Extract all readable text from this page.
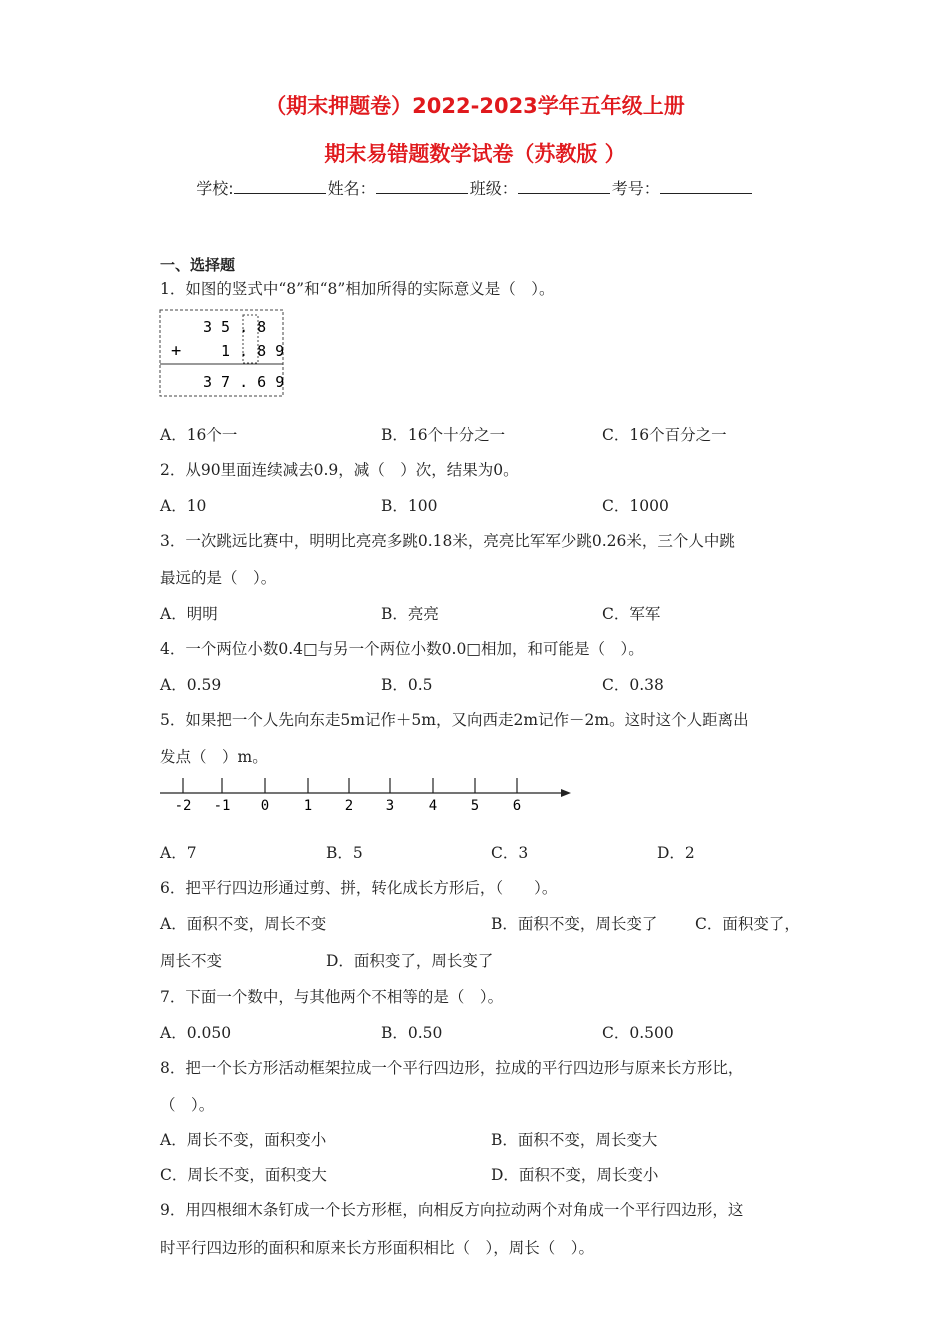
（期末押题卷）2022-2023学年五年级上册
期末易错题数学试卷（苏教版 ）
学校:	姓名：	班级：	考号：
一、选择题
1．如图的竖式中“8”和“8”相加所得的实际意义是（　）。
3 5 . 8
+	1 . 8 9
3 7 . 6 9
A．16个一	B．16个十分之一	C．16个百分之一
2．从90里面连续减去0.9，减（　）次，结果为0。
A．10	B．100	C．1000
3．一次跳远比赛中，明明比亮亮多跳0.18米，亮亮比军军少跳0.26米，三个人中跳
最远的是（　）。
A．明明	B．亮亮	C．军军
4．一个两位小数0.4□与另一个两位小数0.0□相加，和可能是（　）。
A．0.59	B．0.5	C．0.38
5．如果把一个人先向东走5m记作＋5m，又向西走2m记作－2m。这时这个人距离出
发点（　）m。
-2 -1 0 1 2 3 4 5 6
A．7	B．5	C．3	D．2
6．把平行四边形通过剪、拼，转化成长方形后，（　　）。
A．面积不变，周长不变	B．面积不变，周长变了 C．面积变了，
周长不变	D．面积变了，周长变了
7．下面一个数中，与其他两个不相等的是（　）。
A．0.050	B．0.50	C．0.500
8．把一个长方形活动框架拉成一个平行四边形，拉成的平行四边形与原来长方形比，
（　）。
A．周长不变，面积变小	B．面积不变，周长变大
C．周长不变，面积变大	D．面积不变，周长变小
9．用四根细木条钉成一个长方形框，向相反方向拉动两个对角成一个平行四边形，这
时平行四边形的面积和原来长方形面积相比（　），周长（　）。
